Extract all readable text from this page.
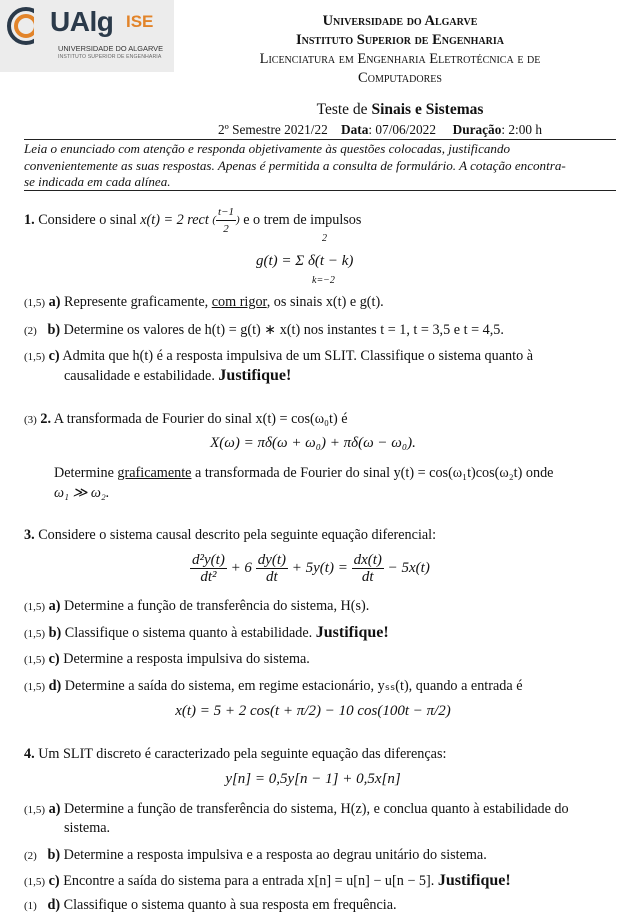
UAlg ISE
UNIVERSIDADE DO ALGARVE
INSTITUTO SUPERIOR DE ENGENHARIA
Universidade do Algarve
Instituto Superior de Engenharia
Licenciatura em Engenharia Eletrotécnica e de
Computadores
Teste de Sinais e Sistemas
2º Semestre 2021/22 Data: 07/06/2022 Duração: 2:00 h
Leia o enunciado com atenção e responda objetivamente às questões colocadas, justificando
convenientemente as suas respostas. Apenas é permitida a consulta de formulário. A cotação encontra-
se indicada em cada alínea.
1. Considere o sinal x(t) = 2 rect ( $\frac{t-1}{2}$ ) e o trem de impulsos
2
g(t) = Σ δ(t − k)
k=−2
(1,5) a) Represente graficamente, com rigor, os sinais x(t) e g(t).
(2) b) Determine os valores de h(t) = g(t) ∗ x(t) nos instantes t = 1, t = 3,5 e t = 4,5.
(1,5) c) Admita que h(t) é a resposta impulsiva de um SLIT. Classifique o sistema quanto à
causalidade e estabilidade. Justifique!
(3) 2. A transformada de Fourier do sinal x(t) = cos(ω₀t) é
X(ω) = πδ(ω + ω₀) + πδ(ω − ω₀).
Determine graficamente a transformada de Fourier do sinal y(t) = cos(ω₁t)cos(ω₂t) onde
ω₁ ≫ ω₂.
3. Considere o sistema causal descrito pela seguinte equação diferencial:
$\frac{\text{d²y(t)}}{\text{dt²}} + 6 \frac{dy(t)}{dt} + 5y(t) = \frac{dx(t)}{dt} - 5x(t)$
(1,5) a) Determine a função de transferência do sistema, H(s).
(1,5) b) Classifique o sistema quanto à estabilidade. Justifique!
(1,5) c) Determine a resposta impulsiva do sistema.
(1,5) d) Determine a saída do sistema, em regime estacionário, yₛₛ(t), quando a entrada é
x(t) = 5 + 2 cos(t + π/2) − 10 cos(100t − π/2)
4. Um SLIT discreto é caracterizado pela seguinte equação das diferenças:
y[n] = 0,5y[n − 1] + 0,5x[n]
(1,5) a) Determine a função de transferência do sistema, H(z), e conclua quanto à estabilidade do
sistema.
(2) b) Determine a resposta impulsiva e a resposta ao degrau unitário do sistema.
(1,5) c) Encontre a saída do sistema para a entrada x[n] = u[n] − u[n − 5]. Justifique!
(1) d) Classifique o sistema quanto à sua resposta em frequência.
